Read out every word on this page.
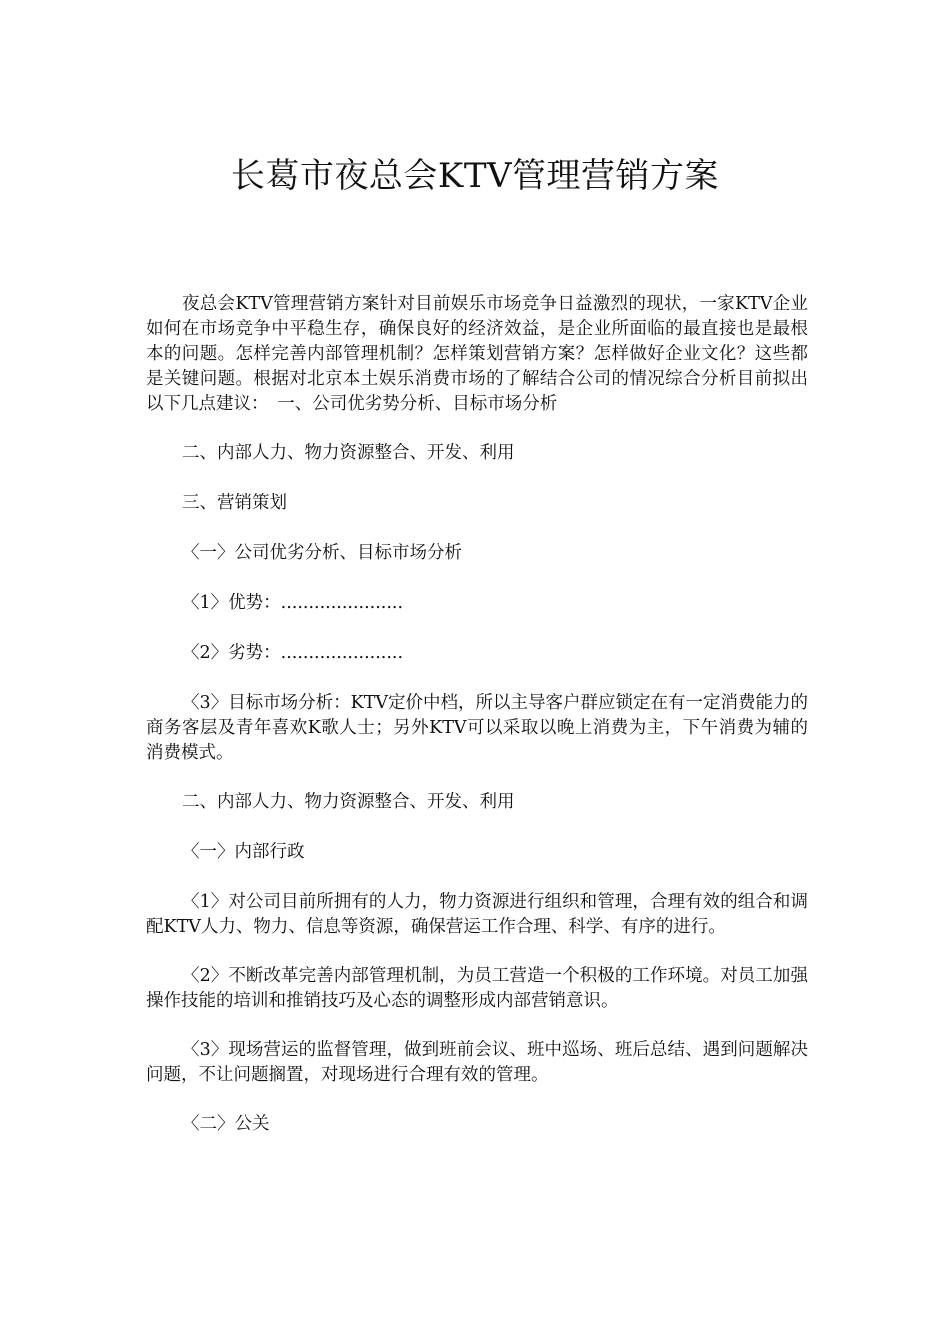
长葛市夜总会KTV管理营销方案

夜总会KTV管理营销方案针对目前娱乐市场竞争日益激烈的现状，一家KTV企业如何在市场竞争中平稳生存，确保良好的经济效益，是企业所面临的最直接也是最根本的问题。怎样完善内部管理机制？怎样策划营销方案？怎样做好企业文化？这些都是关键问题。根据对北京本土娱乐消费市场的了解结合公司的情况综合分析目前拟出以下几点建议：　一、公司优劣势分析、目标市场分析

二、内部人力、物力资源整合、开发、利用

三、营销策划

〈一〉公司优劣分析、目标市场分析

〈1〉优势：......................

〈2〉劣势：......................

〈3〉目标市场分析：KTV定价中档，所以主导客户群应锁定在有一定消费能力的商务客层及青年喜欢K歌人士；另外KTV可以采取以晚上消费为主，下午消费为辅的消费模式。

二、内部人力、物力资源整合、开发、利用

〈一〉内部行政

〈1〉对公司目前所拥有的人力，物力资源进行组织和管理，合理有效的组合和调配KTV人力、物力、信息等资源，确保营运工作合理、科学、有序的进行。

〈2〉不断改革完善内部管理机制，为员工营造一个积极的工作环境。对员工加强操作技能的培训和推销技巧及心态的调整形成内部营销意识。

〈3〉现场营运的监督管理，做到班前会议、班中巡场、班后总结、遇到问题解决问题，不让问题搁置，对现场进行合理有效的管理。

〈二〉公关
